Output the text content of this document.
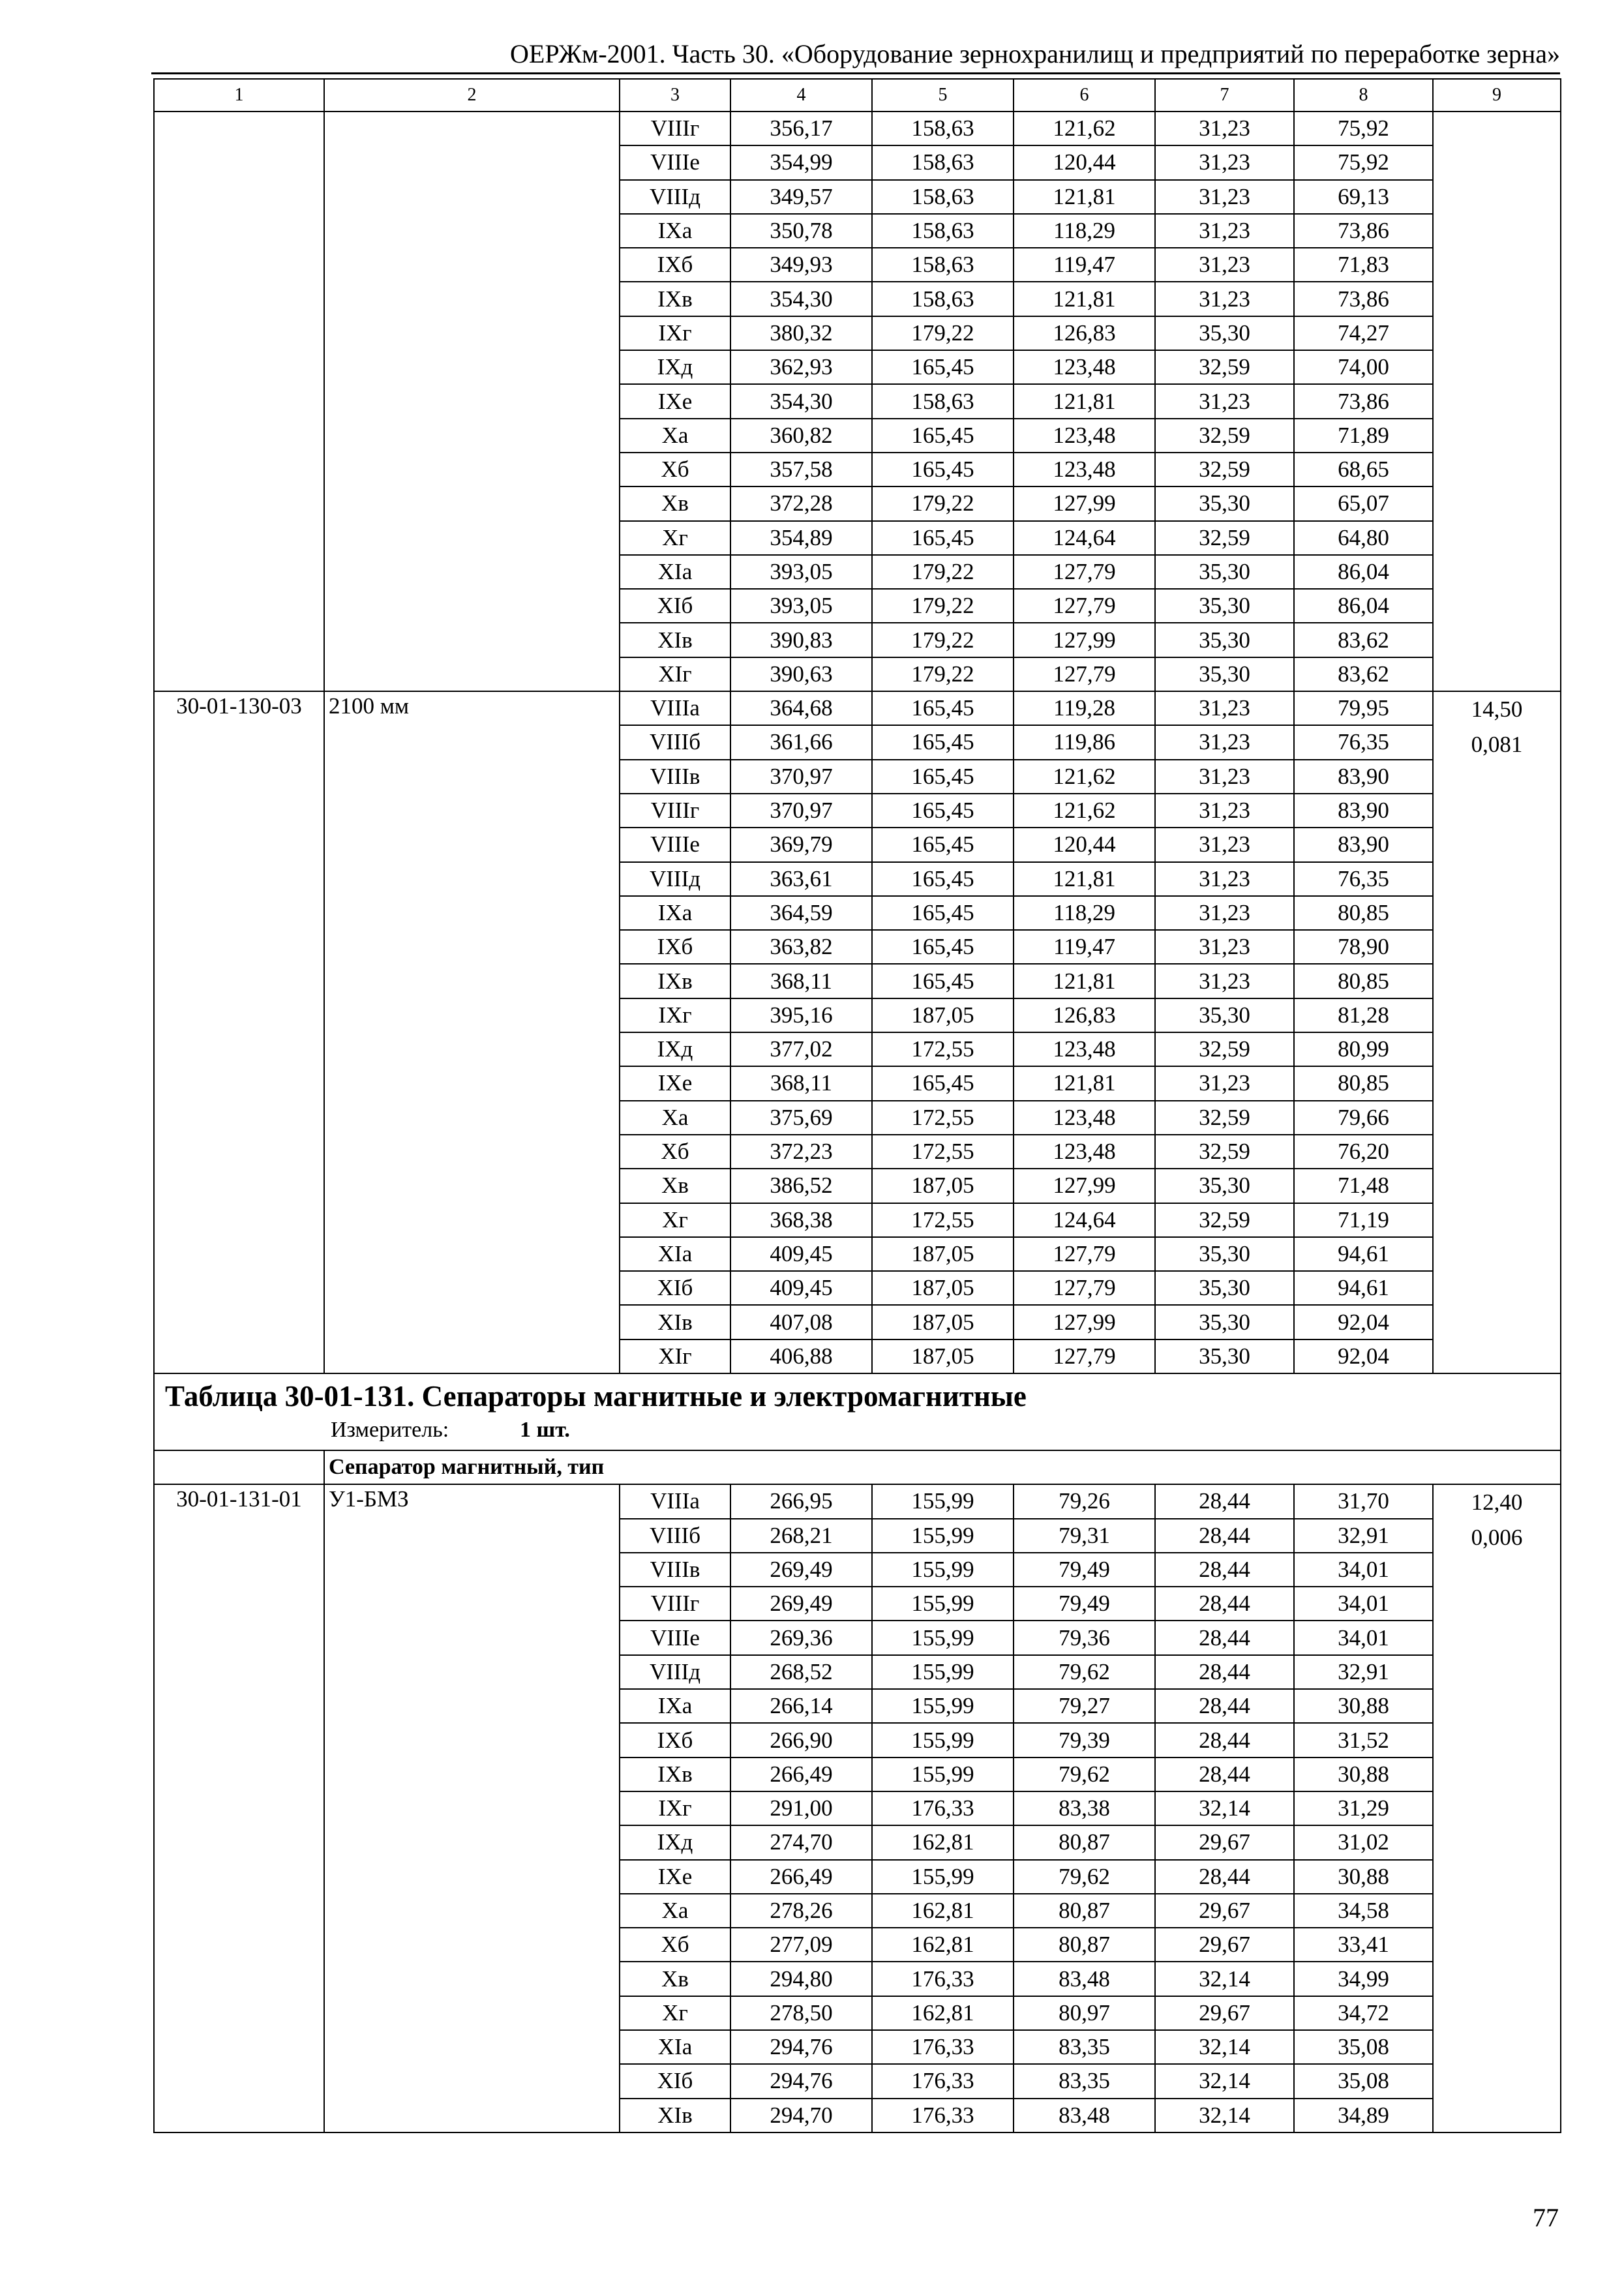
ОЕРЖм-2001. Часть 30. «Оборудование зернохранилищ и предприятий по переработке зерна»
1	2	3	4	5	6	7	8	9
		VIIIг	356,17	158,63	121,62	31,23	75,92	
		VIIIе	354,99	158,63	120,44	31,23	75,92	
		VIIIд	349,57	158,63	121,81	31,23	69,13	
		IXа	350,78	158,63	118,29	31,23	73,86	
		IXб	349,93	158,63	119,47	31,23	71,83	
		IXв	354,30	158,63	121,81	31,23	73,86	
		IXг	380,32	179,22	126,83	35,30	74,27	
		IXд	362,93	165,45	123,48	32,59	74,00	
		IXе	354,30	158,63	121,81	31,23	73,86	
		Xа	360,82	165,45	123,48	32,59	71,89	
		Xб	357,58	165,45	123,48	32,59	68,65	
		Xв	372,28	179,22	127,99	35,30	65,07	
		Xг	354,89	165,45	124,64	32,59	64,80	
		XIа	393,05	179,22	127,79	35,30	86,04	
		XIб	393,05	179,22	127,79	35,30	86,04	
		XIв	390,83	179,22	127,99	35,30	83,62	
		XIг	390,63	179,22	127,79	35,30	83,62	
30-01-130-03	2100 мм	VIIIа	364,68	165,45	119,28	31,23	79,95	14,50
0,081

		VIIIб	361,66	165,45	119,86	31,23	76,35	
		VIIIв	370,97	165,45	121,62	31,23	83,90	
		VIIIг	370,97	165,45	121,62	31,23	83,90	
		VIIIе	369,79	165,45	120,44	31,23	83,90	
		VIIIд	363,61	165,45	121,81	31,23	76,35	
		IXа	364,59	165,45	118,29	31,23	80,85	
		IXб	363,82	165,45	119,47	31,23	78,90	
		IXв	368,11	165,45	121,81	31,23	80,85	
		IXг	395,16	187,05	126,83	35,30	81,28	
		IXд	377,02	172,55	123,48	32,59	80,99	
		IXе	368,11	165,45	121,81	31,23	80,85	
		Xа	375,69	172,55	123,48	32,59	79,66	
		Xб	372,23	172,55	123,48	32,59	76,20	
		Xв	386,52	187,05	127,99	35,30	71,48	
		Xг	368,38	172,55	124,64	32,59	71,19	
		XIа	409,45	187,05	127,79	35,30	94,61	
		XIб	409,45	187,05	127,79	35,30	94,61	
		XIв	407,08	187,05	127,99	35,30	92,04	
		XIг	406,88	187,05	127,79	35,30	92,04	

Таблица 30-01-131. Сепараторы магнитные и электромагнитные
Измеритель: 1 шт.								

	Сепаратор магнитный, тип							
30-01-131-01	У1-БМЗ	VIIIа	266,95	155,99	79,26	28,44	31,70	12,40
0,006

		VIIIб	268,21	155,99	79,31	28,44	32,91	
		VIIIв	269,49	155,99	79,49	28,44	34,01	
		VIIIг	269,49	155,99	79,49	28,44	34,01	
		VIIIе	269,36	155,99	79,36	28,44	34,01	
		VIIIд	268,52	155,99	79,62	28,44	32,91	
		IXа	266,14	155,99	79,27	28,44	30,88	
		IXб	266,90	155,99	79,39	28,44	31,52	
		IXв	266,49	155,99	79,62	28,44	30,88	
		IXг	291,00	176,33	83,38	32,14	31,29	
		IXд	274,70	162,81	80,87	29,67	31,02	
		IXе	266,49	155,99	79,62	28,44	30,88	
		Xа	278,26	162,81	80,87	29,67	34,58	
		Xб	277,09	162,81	80,87	29,67	33,41	
		Xв	294,80	176,33	83,48	32,14	34,99	
		Xг	278,50	162,81	80,97	29,67	34,72	
		XIа	294,76	176,33	83,35	32,14	35,08	
		XIб	294,76	176,33	83,35	32,14	35,08	
		XIв	294,70	176,33	83,48	32,14	34,89	
77
